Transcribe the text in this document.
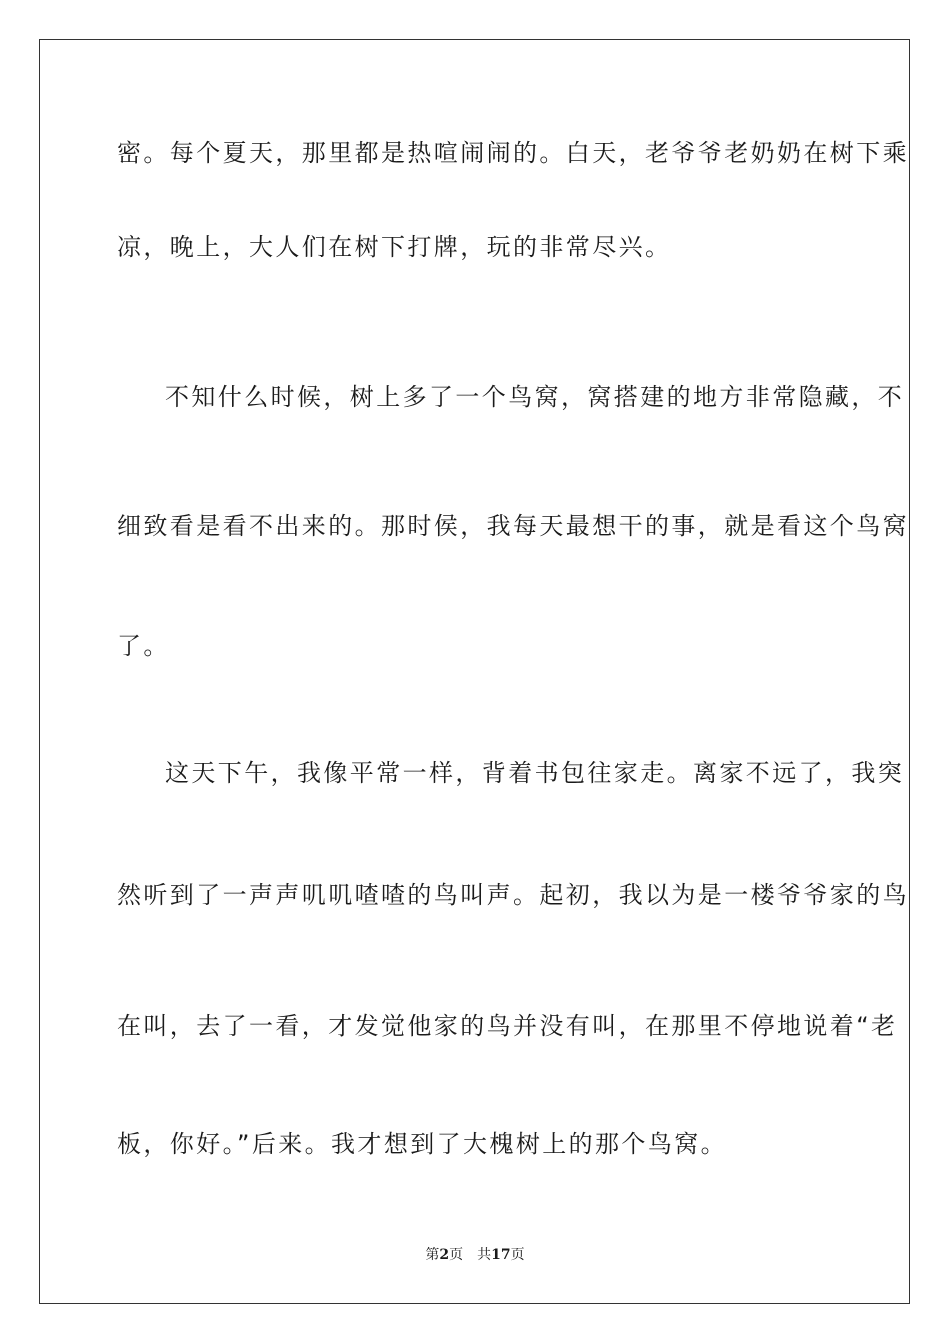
密。每个夏天，那里都是热喧闹闹的。白天，老爷爷老奶奶在树下乘
凉，晚上，大人们在树下打牌，玩的非常尽兴。
不知什么时候，树上多了一个鸟窝，窝搭建的地方非常隐藏，不
细致看是看不出来的。那时侯，我每天最想干的事，就是看这个鸟窝
了。
这天下午，我像平常一样，背着书包往家走。离家不远了，我突
然听到了一声声叽叽喳喳的鸟叫声。起初，我以为是一楼爷爷家的鸟
在叫，去了一看，才发觉他家的鸟并没有叫，在那里不停地说着“老
板，你好。”后来。我才想到了大槐树上的那个鸟窝。
第2页 共17页
